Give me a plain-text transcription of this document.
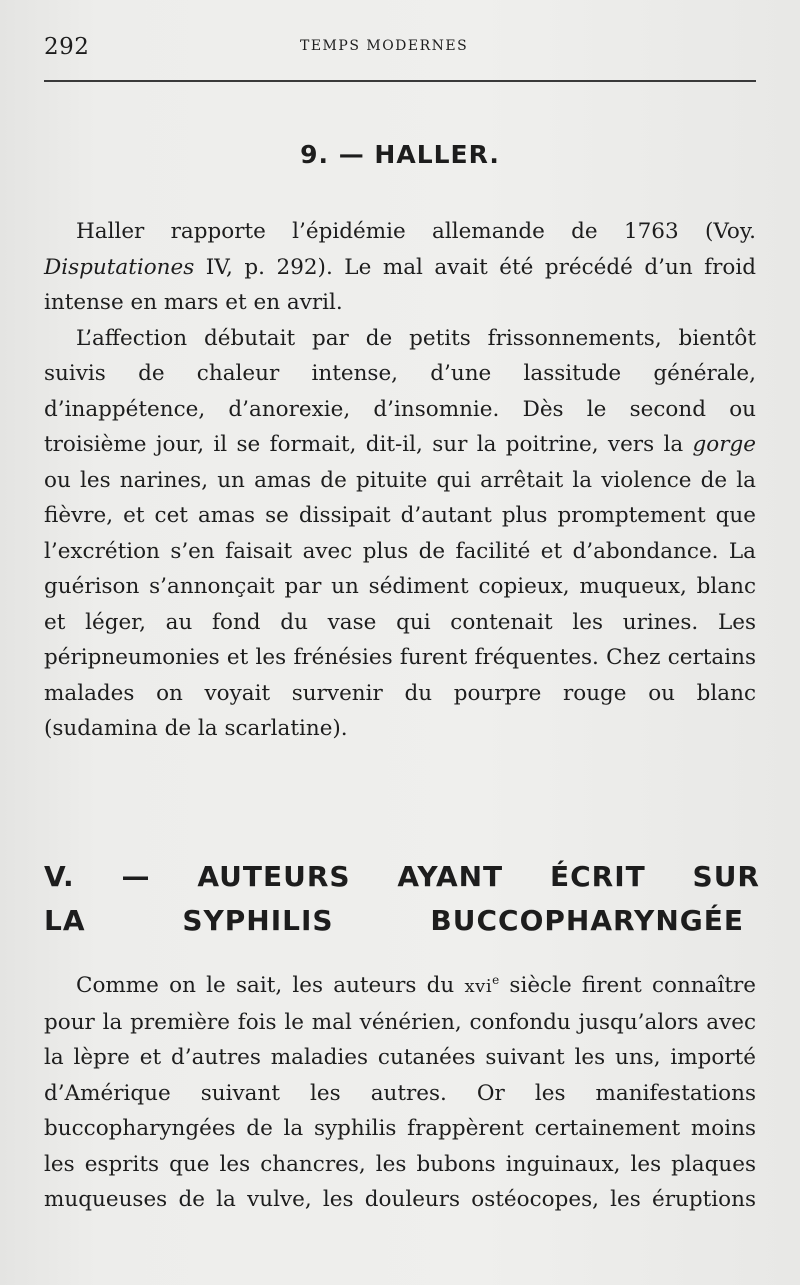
292	TEMPS MODERNES
9. — HALLER.

Haller rapporte l’épidémie allemande de 1763 (Voy. Disputationes IV, p. 292). Le mal avait été précédé d’un froid intense en mars et en avril.

L’affection débutait par de petits frissonnements, bientôt suivis de chaleur intense, d’une lassitude générale, d’inappétence, d’anorexie, d’insomnie. Dès le second ou troisième jour, il se formait, dit-il, sur la poitrine, vers la gorge ou les narines, un amas de pituite qui arrêtait la violence de la fièvre, et cet amas se dissipait d’autant plus promptement que l’excrétion s’en faisait avec plus de facilité et d’abondance. La guérison s’annonçait par un sédiment copieux, muqueux, blanc et léger, au fond du vase qui contenait les urines. Les péripneumonies et les frénésies furent fréquentes. Chez certains malades on voyait survenir du pourpre rouge ou blanc (sudamina de la scarlatine).

V. — AUTEURS AYANT ÉCRIT SUR
LA SYPHILIS BUCCOPHARYNGÉE

Comme on le sait, les auteurs du xvi$^e$ siècle firent connaître pour la première fois le mal vénérien, confondu jusqu’alors avec la lèpre et d’autres maladies cutanées suivant les uns, importé d’Amérique suivant les autres. Or les manifestations buccopharyngées de la syphilis frappèrent certainement moins les esprits que les chancres, les bubons inguinaux, les plaques muqueuses de la vulve, les douleurs ostéocopes, les éruptions
